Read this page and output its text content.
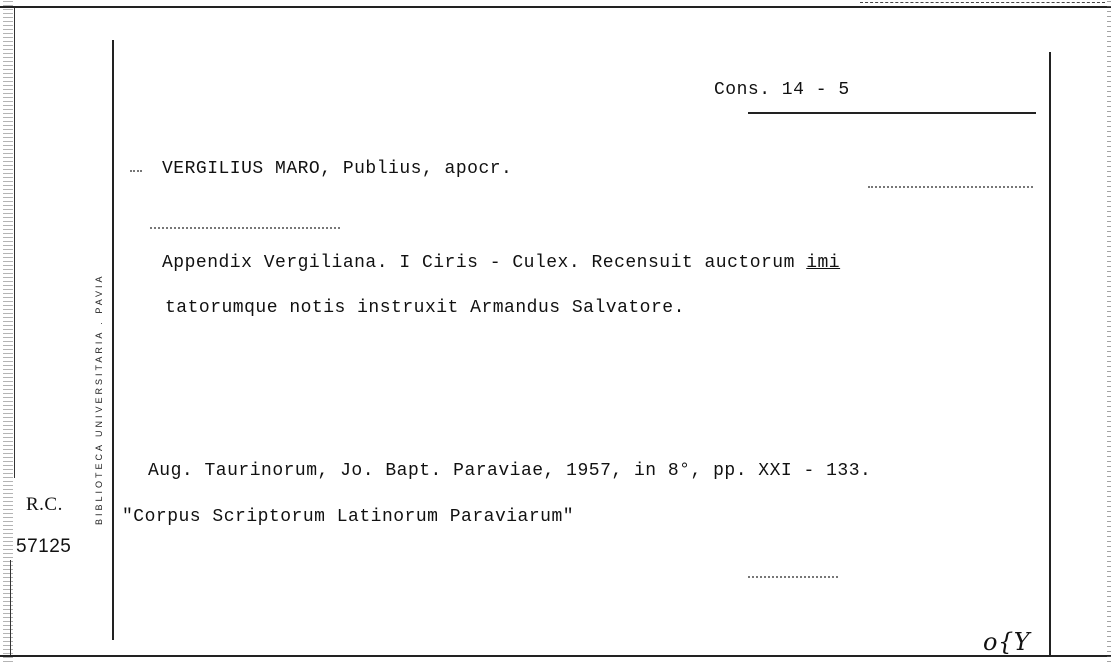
BIBLIOTECA UNIVERSITARIA . PAVIA
Cons. 14 - 5
VERGILIUS MARO, Publius, apocr.
Appendix Vergiliana. I Ciris - Culex. Recensuit auctorum imi
tatorumque notis instruxit Armandus Salvatore.
Aug. Taurinorum, Jo. Bapt. Paraviae, 1957, in 8°, pp. XXI - 133.
"Corpus Scriptorum Latinorum Paraviarum"
R.C.
57125
o{Y
